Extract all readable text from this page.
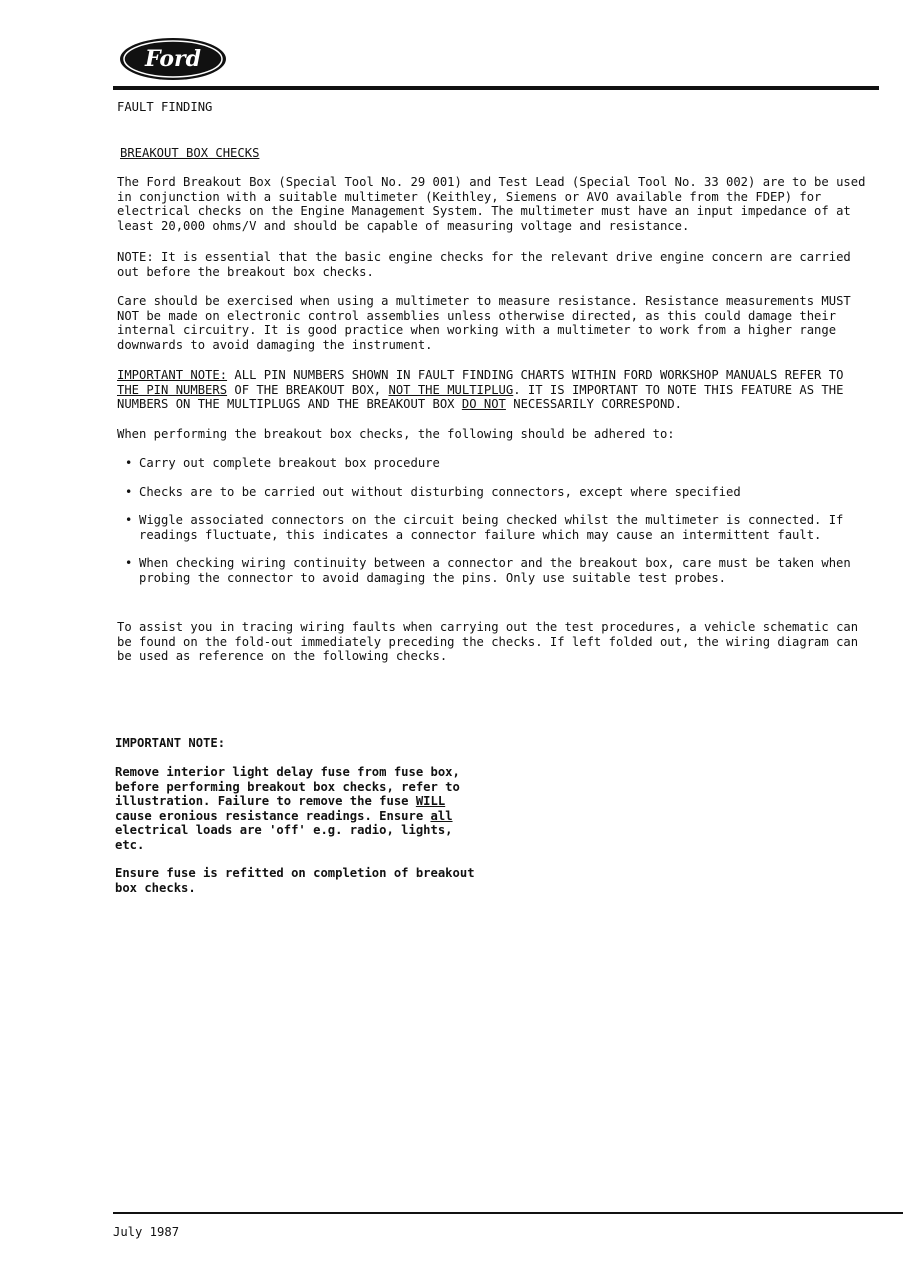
Ford

FAULT FINDING

BREAKOUT BOX CHECKS

The Ford Breakout Box (Special Tool No. 29 001) and Test Lead (Special Tool No. 33 002) are to be used in conjunction with a suitable multimeter (Keithley, Siemens or AVO available from the FDEP) for electrical checks on the Engine Management System. The multimeter must have an input impedance of at least 20,000 ohms/V and should be capable of measuring voltage and resistance.

NOTE: It is essential that the basic engine checks for the relevant drive engine concern are carried out before the breakout box checks.

Care should be exercised when using a multimeter to measure resistance. Resistance measurements MUST NOT be made on electronic control assemblies unless otherwise directed, as this could damage their internal circuitry. It is good practice when working with a multimeter to work from a higher range downwards to avoid damaging the instrument.

IMPORTANT NOTE: ALL PIN NUMBERS SHOWN IN FAULT FINDING CHARTS WITHIN FORD WORKSHOP MANUALS REFER TO THE PIN NUMBERS OF THE BREAKOUT BOX, NOT THE MULTIPLUG. IT IS IMPORTANT TO NOTE THIS FEATURE AS THE NUMBERS ON THE MULTIPLUGS AND THE BREAKOUT BOX DO NOT NECESSARILY CORRESPOND.

When performing the breakout box checks, the following should be adhered to:

• Carry out complete breakout box procedure
• Checks are to be carried out without disturbing connectors, except where specified
• Wiggle associated connectors on the circuit being checked whilst the multimeter is connected. If readings fluctuate, this indicates a connector failure which may cause an intermittent fault.
• When checking wiring continuity between a connector and the breakout box, care must be taken when probing the connector to avoid damaging the pins. Only use suitable test probes.

To assist you in tracing wiring faults when carrying out the test procedures, a vehicle schematic can be found on the fold-out immediately preceding the checks. If left folded out, the wiring diagram can be used as reference on the following checks.

IMPORTANT NOTE:

Remove interior light delay fuse from fuse box, before performing breakout box checks, refer to illustration. Failure to remove the fuse WILL cause eronious resistance readings. Ensure all electrical loads are 'off' e.g. radio, lights, etc.

Ensure fuse is refitted on completion of breakout box checks.

July 1987
